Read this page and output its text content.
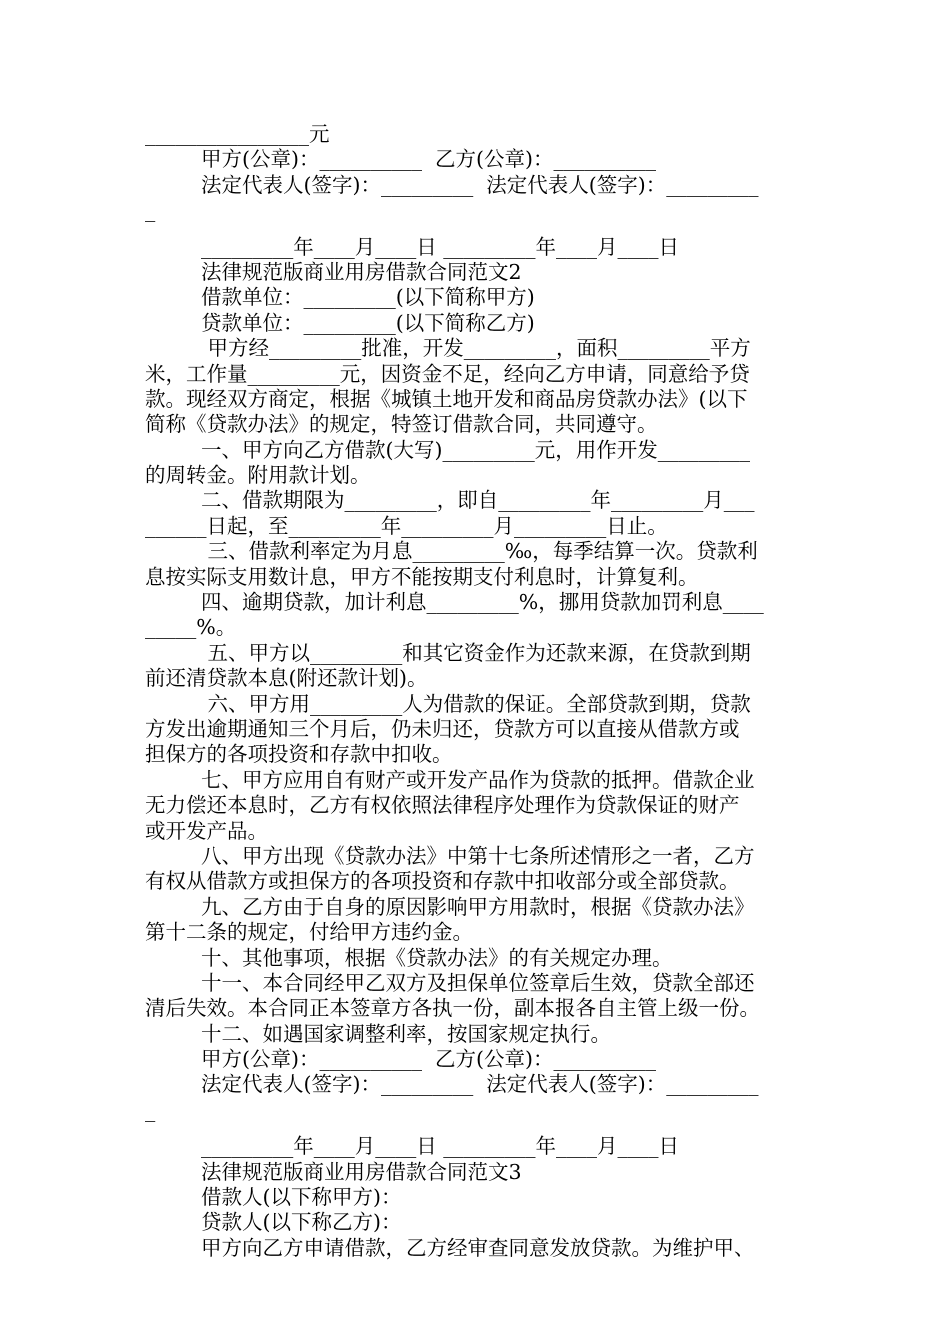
________________元
甲方(公章)：__________  乙方(公章)：__________
法定代表人(签字)：_________  法定代表人(签字)：_________
_
_________年____月____日 _________年____月____日
法律规范版商业用房借款合同范文2
借款单位：_________(以下简称甲方)
贷款单位：_________(以下简称乙方)
甲方经_________批准，开发_________，面积_________平方
米，工作量_________元，因资金不足，经向乙方申请，同意给予贷
款。现经双方商定，根据《城镇土地开发和商品房贷款办法》(以下
简称《贷款办法》的规定，特签订借款合同，共同遵守。
一、甲方向乙方借款(大写)_________元，用作开发_________
的周转金。附用款计划。
二、借款期限为_________，即自_________年_________月___
______日起，至_________年_________月_________日止。
三、借款利率定为月息_________‰，每季结算一次。贷款利
息按实际支用数计息，甲方不能按期支付利息时，计算复利。
四、逾期贷款，加计利息_________%，挪用贷款加罚利息____
_____%。
五、甲方以_________和其它资金作为还款来源，在贷款到期
前还清贷款本息(附还款计划)。
六、甲方用_________人为借款的保证。全部贷款到期，贷款
方发出逾期通知三个月后，仍未归还，贷款方可以直接从借款方或
担保方的各项投资和存款中扣收。
七、甲方应用自有财产或开发产品作为贷款的抵押。借款企业
无力偿还本息时，乙方有权依照法律程序处理作为贷款保证的财产
或开发产品。
八、甲方出现《贷款办法》中第十七条所述情形之一者，乙方
有权从借款方或担保方的各项投资和存款中扣收部分或全部贷款。
九、乙方由于自身的原因影响甲方用款时，根据《贷款办法》
第十二条的规定，付给甲方违约金。
十、其他事项，根据《贷款办法》的有关规定办理。
十一、本合同经甲乙双方及担保单位签章后生效，贷款全部还
清后失效。本合同正本签章方各执一份，副本报各自主管上级一份。
十二、如遇国家调整利率，按国家规定执行。
甲方(公章)：__________  乙方(公章)：__________
法定代表人(签字)：_________  法定代表人(签字)：_________
_
_________年____月____日 _________年____月____日
法律规范版商业用房借款合同范文3
借款人(以下称甲方)：
贷款人(以下称乙方)：
甲方向乙方申请借款，乙方经审查同意发放贷款。为维护甲、
